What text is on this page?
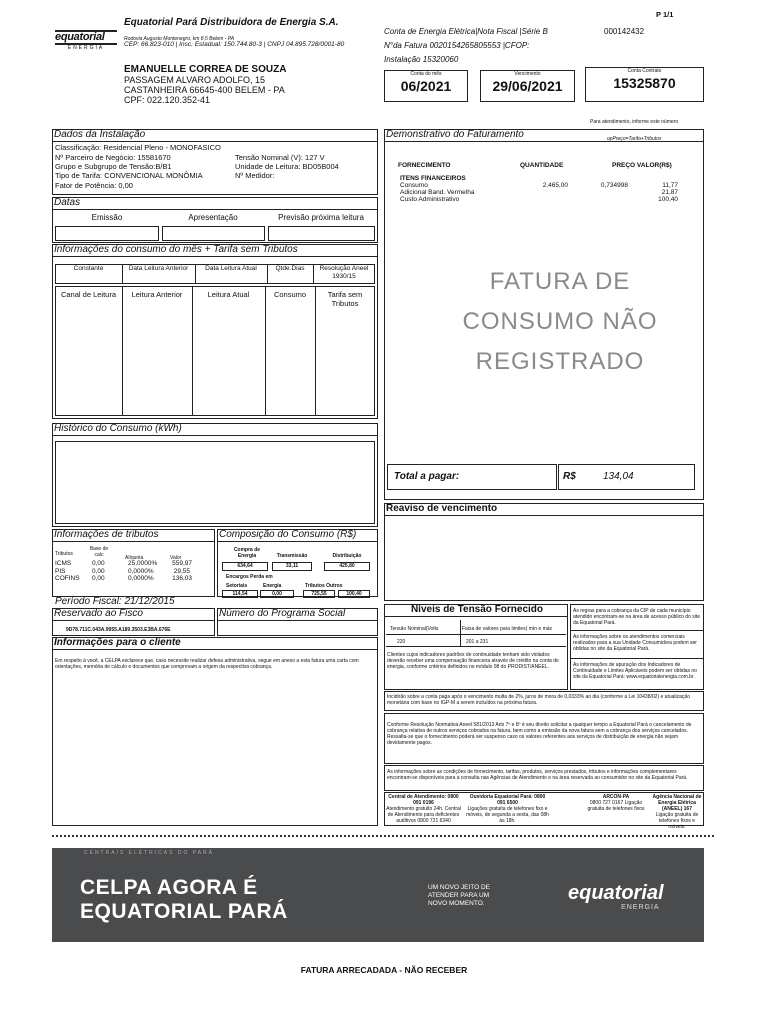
P 1/1
equatorial
ENERGIA
Equatorial Pará Distribuidora de Energia S.A.
Rodovia Augusto Montenegro, km 8,5 Belem - PA
CEP: 66.823-010 | Insc. Estadual: 150.744.80-3 | CNPJ 04.895.728/0001-80
Conta de Energia Elétrica|Nota Fiscal |Série B	000142432
N°da Fatura 0020154265805553 |CFOP:
Instalação 15320060
EMANUELLE CORREA DE SOUZA
PASSAGEM ALVARO ADOLFO, 15
CASTANHEIRA 66645-400 BELEM - PA
CPF: 022.120.352-41
Conta do mês
06/2021
Vencimento
29/06/2021
Conta Contrato
15325870
Para atendimento, informe este número
Dados da Instalação
Classificação: Residencial Pleno - MONOFASICO
Nº Parceiro de Negócio: 15581670
Grupo e Subgrupo de Tensão:B/B1
Tipo de Tarifa: CONVENCIONAL MONÔMIA
Fator de Potência: 0,00
Tensão Nominal (V): 127 V
Unidade de Leitura: BD05B004
Nº Medidor:
Datas
Emissão	Apresentação	Previsão próxima leitura
Informações do consumo do mês + Tarifa sem Tributos
Constante	Data Leitura Anterior	Data Leitura Atual	Qtde.Dias	Resolução Aneel 1930/15
Canal de Leitura	Leitura Anterior	Leitura Atual	Consumo	Tarifa sem Tributos
Histórico do Consumo (kWh)
Informações de tributos
Tributos
Base de calc	Alíquota	Valor
ICMS	0,00	25,0000%	559,97
PIS	0,00	0,0000%	29,55
COFINS 0,00	0,0000%	136,03
Composição do Consumo (R$)
Compra de Energia	Transmissão	Distribuição
634,64	33,11	425,80
Encargos Perda em
Setoriais	Energia	Tributos Outros
114,54	0,00	725,55	100,40
Período Fiscal: 21/12/2015
Reservado ao Fisco
9D78.711C.043A.9955.A189.3503.E3BA.676E
Número do Programa Social
Informações para o cliente
Em respeito à você, a CELPA esclarece que, caso necessite realizar defesa administrativa, segue em anexo a esta fatura uma carta com orientações, memória de cálculo e documentos que comprovam a origem da respectiva cobrança.
Demonstrativo do Faturamento	opPreço=Tarifa+Tributos
FORNECIMENTO	QUANTIDADE	PREÇO VALOR(R$)
ITENS FINANCEIROS
Consumo	2.465,00	0,734998	11,77
Adicional Band. Vermelha	21,87
Custo Administrativo	100,40
FATURA DE
CONSUMO NÃO
REGISTRADO
Total a pagar:	R$	134,04
Reaviso de vencimento
Níveis de Tensão Fornecido
Tensão Nominal(Volts	Faixa de valores para limites( mín e máx
220	201 a 231
Clientes cujos indicadores padrões de continuidade tenham sido violados deverão receber uma compensação financeira através de crédito na conta de energia, conforme critérios definidos no módulo 08 do PRODIST/ANEEL.
As regras para a cobrança da CIP de cada município atendido encontram-se na área de acesso público do site da Equatorial Pará.
As informações sobre os atendimentos comerciais realizados para a sua Unidade Consumidora podem ser obtidas no site da Equatorial Pará.
As informações de apuração dos Indicadores de Continuidade e Limites Aplicáveis podem ser obtidas no site da Equatorial Pará: www.equatorialenergia.com.br.
Incidirão sobre a conta paga após o vencimento multa de 2%, juros de mora de 0,0333% ao dia (conforme a Lei 10438/02) e atualização monetária com base no IGP-M a serem incluídos na próxima fatura.
Conforme Resolução Normativa Aneel 581/2013 Arts 7º e 8º é seu direito solicitar a qualquer tempo a Equatorial Pará o cancelamento de cobrança relativa de outros serviços cobrados na fatura, bem como a emissão da nova fatura sem a cobrança dos serviços cancelados. Ressalta-se que o fornecimento poderá ser suspenso caso os valores referentes aos serviços de distribuição de energia não sejam devidamente pagos.
As informações sobre as condições de fornecimento, tarifas, produtos, serviços prestados, tributos e informações complementares encontram-se disponíveis para a consulta nas Agências de Atendimento e na área reservada ao consumidor no site da Equatorial Pará.
Central de Atendimento: 0800 091 0196
Atendimento gratuito 24h. Central de Atendimento para deficientes auditivos 0800 721 6340
Ouvidoria Equatorial Pará: 0800 091 6500
Ligações gratuita de telefones fixo e móveis, de segunda a sexta, das 08h às 18h.
ARCON-PA
0800 727 0167 Ligação gratuita de telefones fixos
Agência Nacional de Energia Elétrica (ANEEL) 167
Ligação gratuita de telefones fixos e móveis.
CENTRAIS ELÉTRICAS DO PARÁ
CELPA AGORA É
EQUATORIAL PARÁ
UM NOVO JEITO DE ATENDER PARA UM NOVO MOMENTO.	equatorial
ENERGIA
FATURA ARRECADADA - NÃO RECEBER
